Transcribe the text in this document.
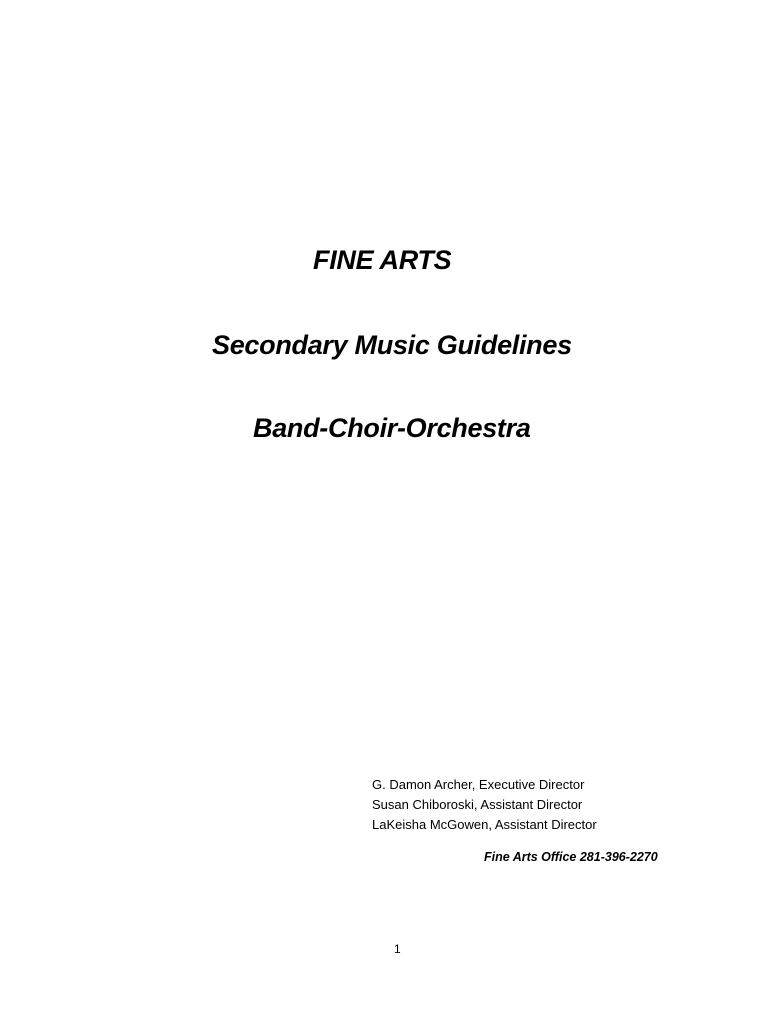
FINE ARTS
Secondary Music Guidelines
Band-Choir-Orchestra
G. Damon Archer, Executive Director
Susan Chiboroski, Assistant Director
LaKeisha McGowen, Assistant Director
Fine Arts Office 281-396-2270
1
